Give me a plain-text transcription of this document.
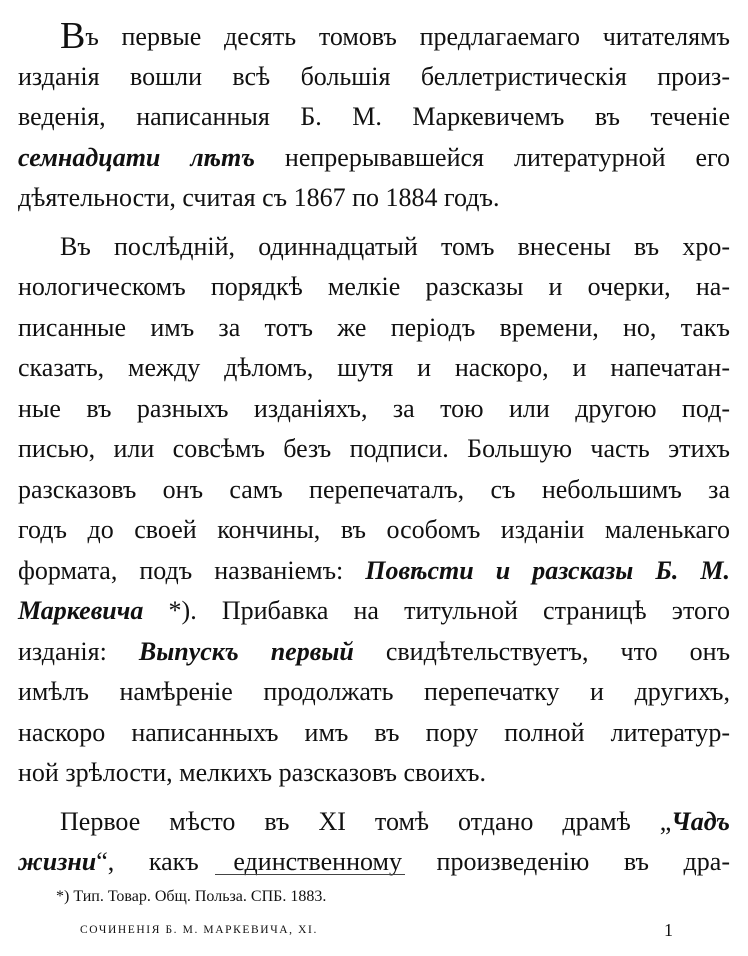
Въ первые десять томовъ предлагаемаго читателямъ
изданія вошли всѣ большія беллетристическія произ-
веденія, написанныя Б. М. Маркевичемъ въ теченіе
семнадцати лѣтъ непрерывавшейся литературной его
дѣятельности, считая съ 1867 по 1884 годъ.
Въ послѣдній, одиннадцатый томъ внесены въ хро-
нологическомъ порядкѣ мелкіе разсказы и очерки, на-
писанные имъ за тотъ же періодъ времени, но, такъ
сказать, между дѣломъ, шутя и наскоро, и напечатан-
ные въ разныхъ изданіяхъ, за тою или другою под-
писью, или совсѣмъ безъ подписи. Большую часть этихъ
разсказовъ онъ самъ перепечаталъ, съ небольшимъ за
годъ до своей кончины, въ особомъ изданіи маленькаго
формата, подъ названіемъ: Повѣсти и разсказы Б. М.
Маркевича *). Прибавка на титульной страницѣ этого
изданія: Выпускъ первый свидѣтельствуетъ, что онъ
имѣлъ намѣреніе продолжать перепечатку и другихъ,
наскоро написанныхъ имъ въ пору полной литератур-
ной зрѣлости, мелкихъ разсказовъ своихъ.
Первое мѣсто въ XI томѣ отдано драмѣ „Чадъ
жизни“, какъ единственному произведенію въ дра-
*) Тип. Товар. Общ. Польза. СПБ. 1883.
СОЧИНЕНІЯ Б. М. МАРКЕВИЧА, XI.	1
